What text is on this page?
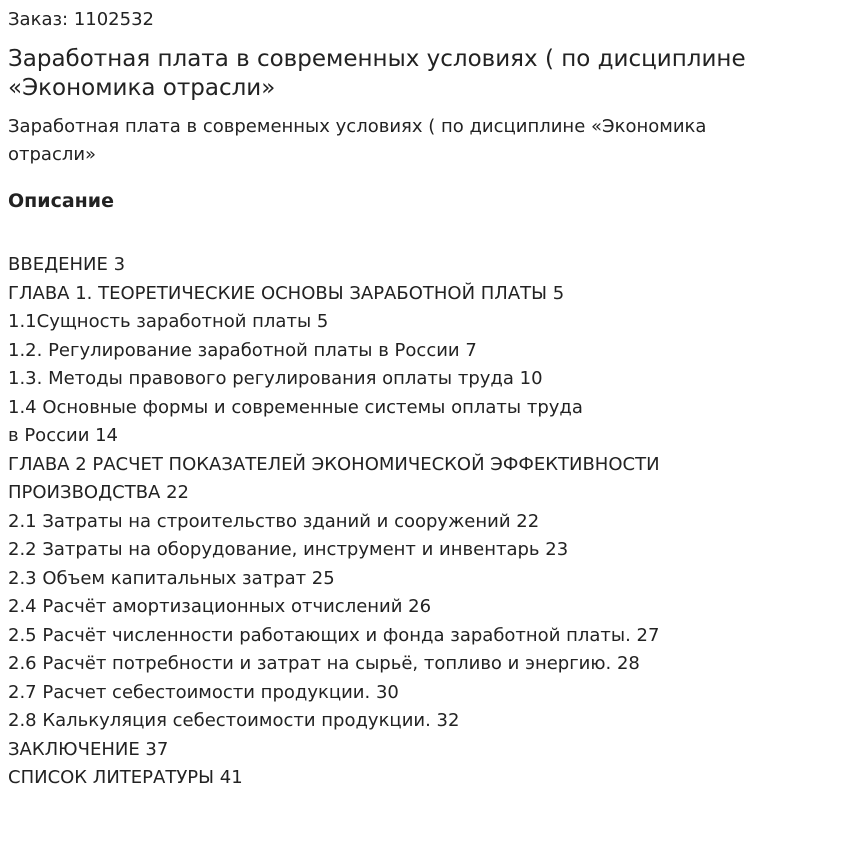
Заказ: 1102532

Заработная плата в современных условиях ( по дисциплине
«Экономика отрасли»

Заработная плата в современных условиях ( по дисциплине «Экономика
отрасли»

Описание
ВВЕДЕНИЕ 3
ГЛАВА 1. ТЕОРЕТИЧЕСКИЕ ОСНОВЫ ЗАРАБОТНОЙ ПЛАТЫ 5
1.1Сущность заработной платы 5
1.2. Регулирование заработной платы в России 7
1.3. Методы правового регулирования оплаты труда 10
1.4 Основные формы и современные системы оплаты труда
в России 14
ГЛАВА 2 РАСЧЕТ ПОКАЗАТЕЛЕЙ ЭКОНОМИЧЕСКОЙ ЭФФЕКТИВНОСТИ
ПРОИЗВОДСТВА 22
2.1 Затраты на строительство зданий и сооружений 22
2.2 Затраты на оборудование, инструмент и инвентарь 23
2.3 Объем капитальных затрат 25
2.4 Расчёт амортизационных отчислений 26
2.5 Расчёт численности работающих и фонда заработной платы. 27
2.6 Расчёт потребности и затрат на сырьё, топливо и энергию. 28
2.7 Расчет себестоимости продукции. 30
2.8 Калькуляция себестоимости продукции. 32
ЗАКЛЮЧЕНИЕ 37
СПИСОК ЛИТЕРАТУРЫ 41
